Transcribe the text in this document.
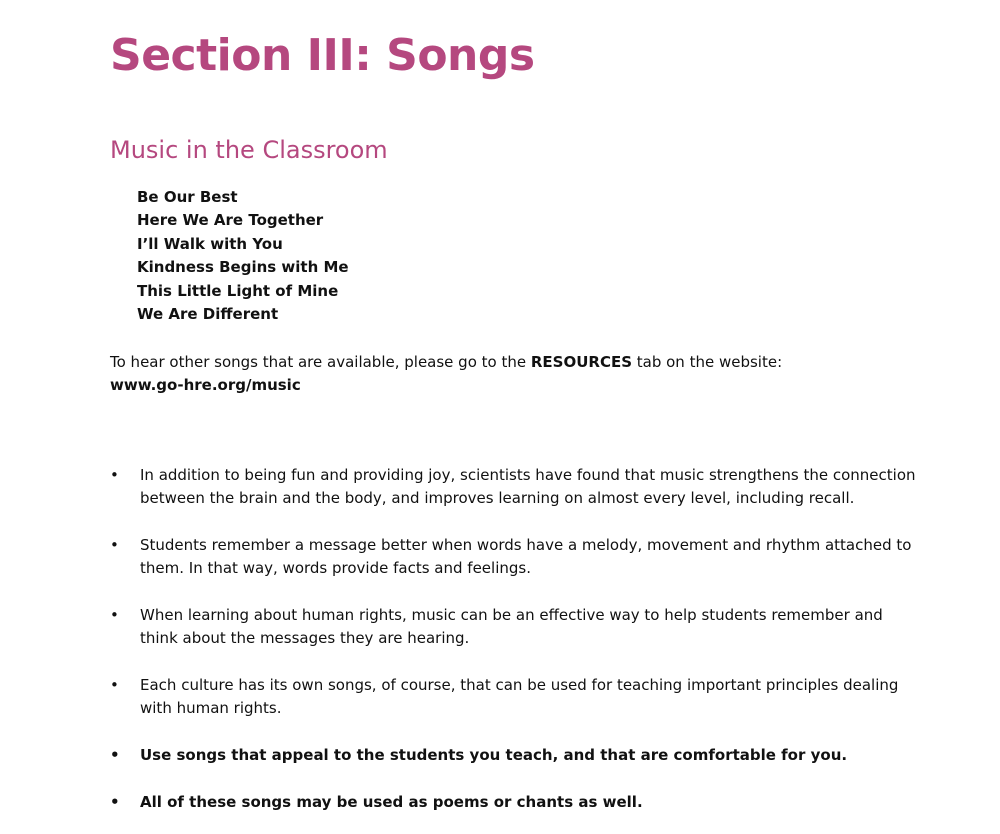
Section III: Songs
Music in the Classroom
Be Our Best
Here We Are Together
I’ll Walk with You
Kindness Begins with Me
This Little Light of Mine
We Are Different

To hear other songs that are available, please go to the RESOURCES tab on the website:
www.go-hre.org/music

• In addition to being fun and providing joy, scientists have found that music strengthens the connection between the brain and the body, and improves learning on almost every level, including recall.
• Students remember a message better when words have a melody, movement and rhythm attached to them. In that way, words provide facts and feelings.
• When learning about human rights, music can be an effective way to help students remember and think about the messages they are hearing.
• Each culture has its own songs, of course, that can be used for teaching important principles dealing with human rights.
• Use songs that appeal to the students you teach, and that are comfortable for you.
• All of these songs may be used as poems or chants as well.
